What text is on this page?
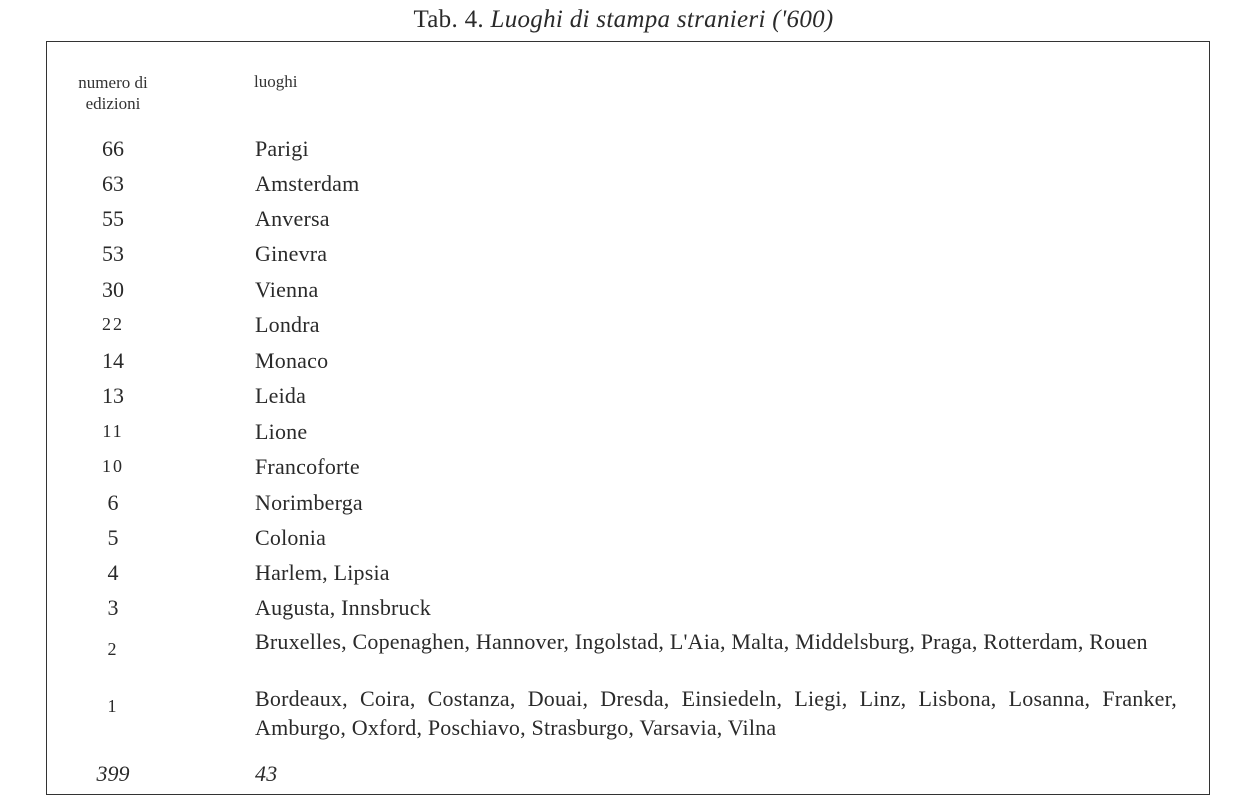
Tab. 4. Luoghi di stampa stranieri ('600)
numero di edizioni
luoghi
66	Parigi
63	Amsterdam
55	Anversa
53	Ginevra
30	Vienna
22	Londra
14	Monaco
13	Leida
11	Lione
10	Francoforte
6	Norimberga
5	Colonia
4	Harlem, Lipsia
3	Augusta, Innsbruck
2	Bruxelles, Copenaghen, Hannover, Ingolstad, L'Aia, Malta, Middelsburg, Praga, Rotterdam, Rouen
1	Bordeaux, Coira, Costanza, Douai, Dresda, Einsiedeln, Liegi, Linz, Lisbona, Losanna, Franker, Amburgo, Oxford, Poschiavo, Strasburgo, Varsavia, Vilna
399	43
